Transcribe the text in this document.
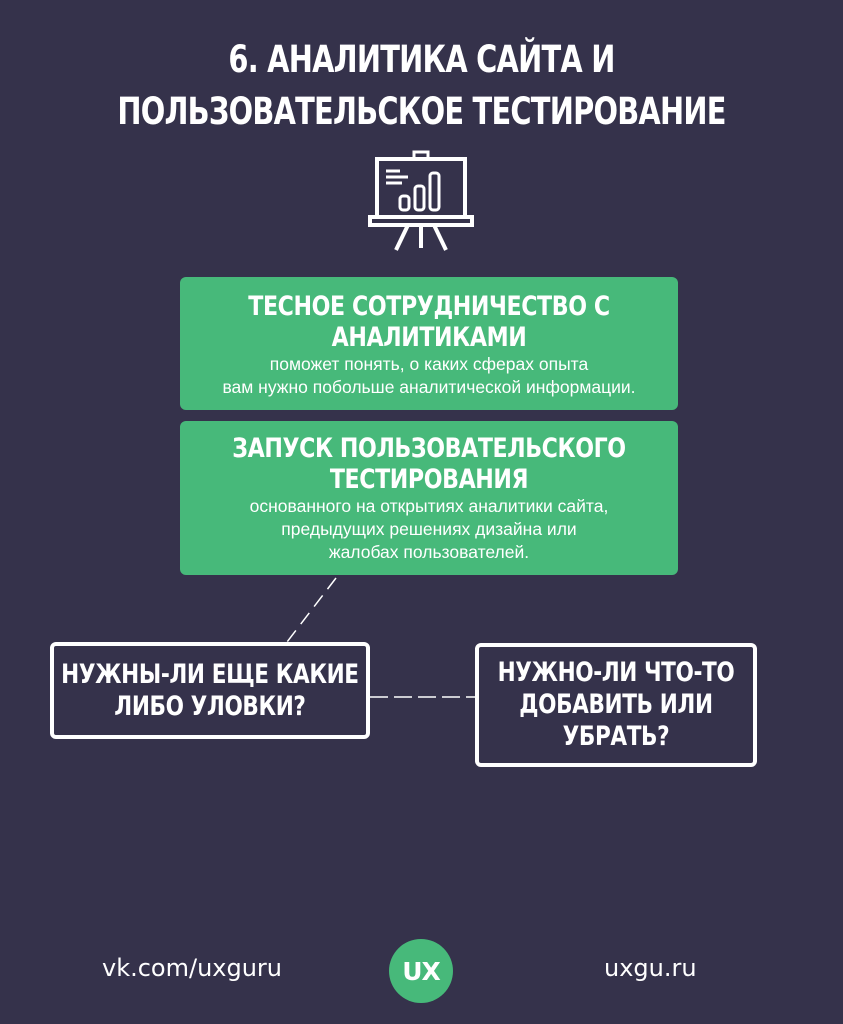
6. АНАЛИТИКА САЙТА И
ПОЛЬЗОВАТЕЛЬСКОЕ ТЕСТИРОВАНИЕ
ТЕСНОЕ СОТРУДНИЧЕСТВО С
АНАЛИТИКАМИ
поможет понять, о каких сферах опыта
вам нужно побольше аналитической информации.
ЗАПУСК ПОЛЬЗОВАТЕЛЬСКОГО
ТЕСТИРОВАНИЯ
основанного на открытиях аналитики сайта,
предыдущих решениях дизайна или
жалобах пользователей.
НУЖНЫ-ЛИ ЕЩЕ КАКИЕ
ЛИБО УЛОВКИ?
НУЖНО-ЛИ ЧТО-ТО
ДОБАВИТЬ ИЛИ
УБРАТЬ?
vk.com/uxguru	UX	uxgu.ru
